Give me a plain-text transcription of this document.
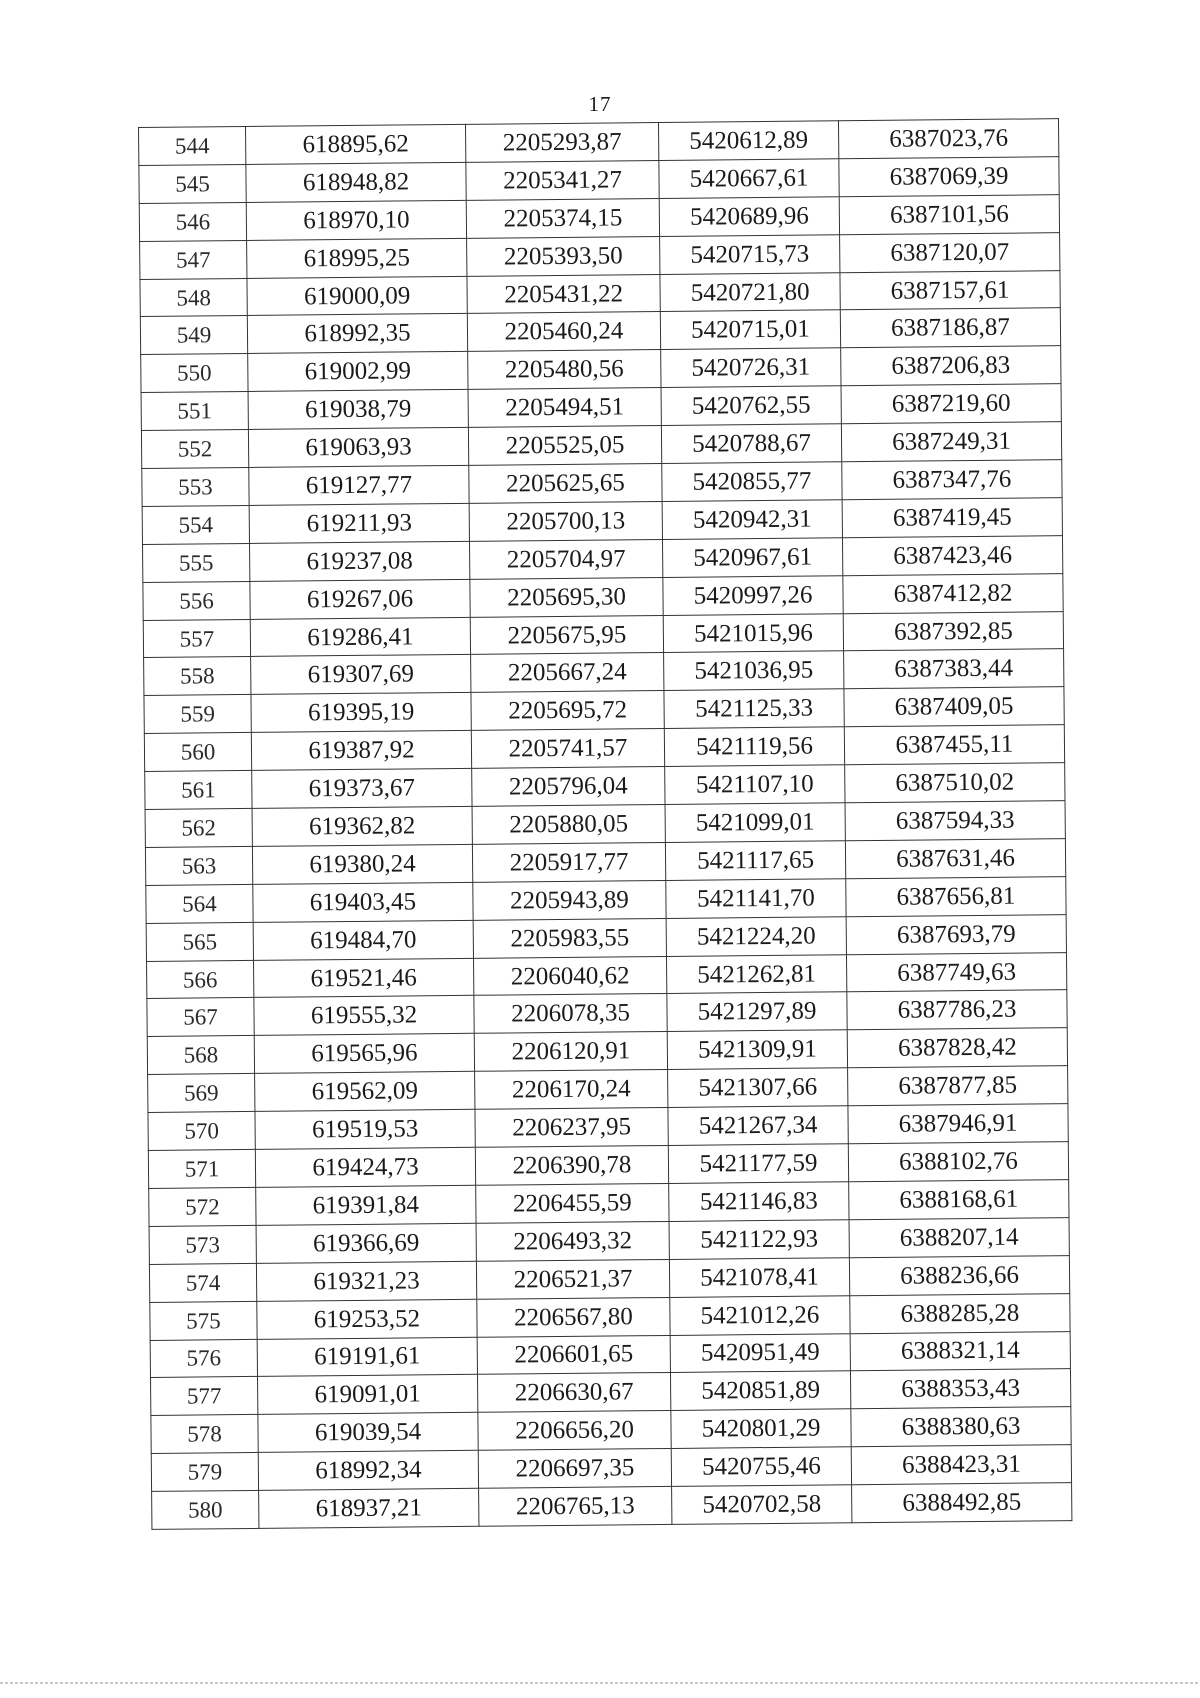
17
544	618895,62	2205293,87	5420612,89	6387023,76
545	618948,82	2205341,27	5420667,61	6387069,39
546	618970,10	2205374,15	5420689,96	6387101,56
547	618995,25	2205393,50	5420715,73	6387120,07
548	619000,09	2205431,22	5420721,80	6387157,61
549	618992,35	2205460,24	5420715,01	6387186,87
550	619002,99	2205480,56	5420726,31	6387206,83
551	619038,79	2205494,51	5420762,55	6387219,60
552	619063,93	2205525,05	5420788,67	6387249,31
553	619127,77	2205625,65	5420855,77	6387347,76
554	619211,93	2205700,13	5420942,31	6387419,45
555	619237,08	2205704,97	5420967,61	6387423,46
556	619267,06	2205695,30	5420997,26	6387412,82
557	619286,41	2205675,95	5421015,96	6387392,85
558	619307,69	2205667,24	5421036,95	6387383,44
559	619395,19	2205695,72	5421125,33	6387409,05
560	619387,92	2205741,57	5421119,56	6387455,11
561	619373,67	2205796,04	5421107,10	6387510,02
562	619362,82	2205880,05	5421099,01	6387594,33
563	619380,24	2205917,77	5421117,65	6387631,46
564	619403,45	2205943,89	5421141,70	6387656,81
565	619484,70	2205983,55	5421224,20	6387693,79
566	619521,46	2206040,62	5421262,81	6387749,63
567	619555,32	2206078,35	5421297,89	6387786,23
568	619565,96	2206120,91	5421309,91	6387828,42
569	619562,09	2206170,24	5421307,66	6387877,85
570	619519,53	2206237,95	5421267,34	6387946,91
571	619424,73	2206390,78	5421177,59	6388102,76
572	619391,84	2206455,59	5421146,83	6388168,61
573	619366,69	2206493,32	5421122,93	6388207,14
574	619321,23	2206521,37	5421078,41	6388236,66
575	619253,52	2206567,80	5421012,26	6388285,28
576	619191,61	2206601,65	5420951,49	6388321,14
577	619091,01	2206630,67	5420851,89	6388353,43
578	619039,54	2206656,20	5420801,29	6388380,63
579	618992,34	2206697,35	5420755,46	6388423,31
580	618937,21	2206765,13	5420702,58	6388492,85
